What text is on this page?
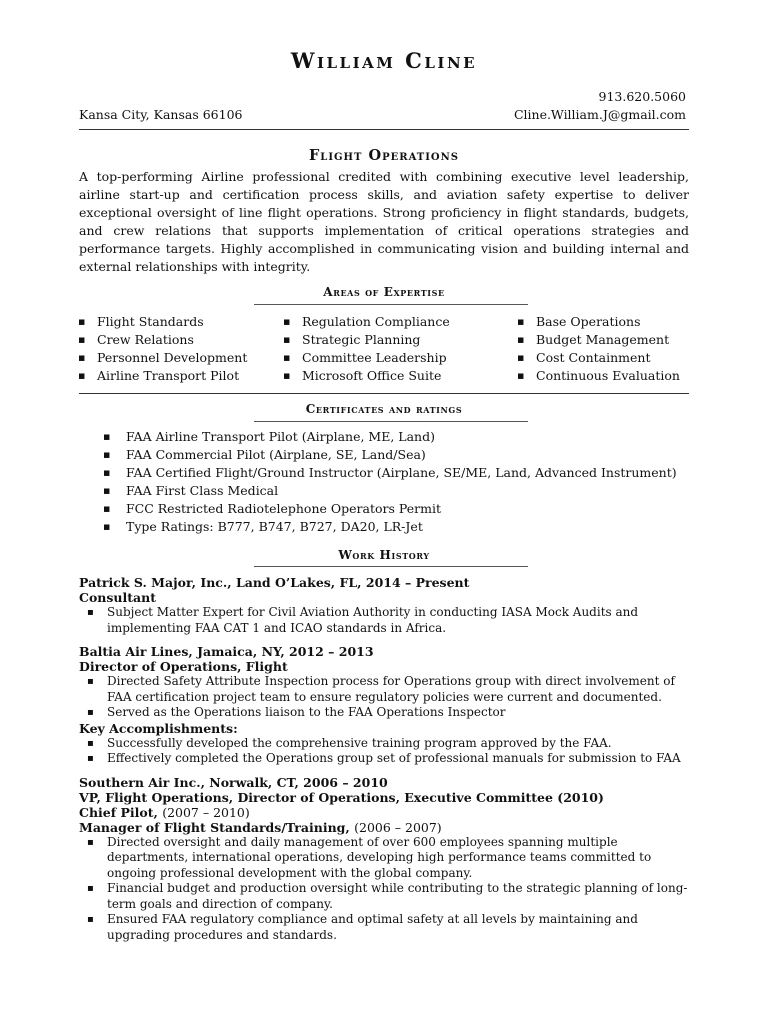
William Cline
913.620.5060
Kansa City, Kansas 66106	Cline.William.J@gmail.com
Flight Operations

A top-performing Airline professional credited with combining executive level leadership, airline start-up and certification process skills, and aviation safety expertise to deliver exceptional oversight of line flight operations. Strong proficiency in flight standards, budgets, and crew relations that supports implementation of critical operations strategies and performance targets. Highly accomplished in communicating vision and building internal and external relationships with integrity.

Areas of Expertise
▪ Flight Standards
▪ Crew Relations
▪ Personnel Development
▪ Airline Transport Pilot
▪ Regulation Compliance
▪ Strategic Planning
▪ Committee Leadership
▪ Microsoft Office Suite
▪ Base Operations
▪ Budget Management
▪ Cost Containment
▪ Continuous Evaluation
Certificates and ratings
▪ FAA Airline Transport Pilot (Airplane, ME, Land)
▪ FAA Commercial Pilot (Airplane, SE, Land/Sea)
▪ FAA Certified Flight/Ground Instructor (Airplane, SE/ME, Land, Advanced Instrument)
▪ FAA First Class Medical
▪ FCC Restricted Radiotelephone Operators Permit
▪ Type Ratings: B777, B747, B727, DA20, LR-Jet
Work History

Patrick S. Major, Inc., Land O’Lakes, FL, 2014 – Present

Consultant

▪ Subject Matter Expert for Civil Aviation Authority in conducting IASA Mock Audits and implementing FAA CAT 1 and ICAO standards in Africa.

Baltia Air Lines, Jamaica, NY, 2012 – 2013

Director of Operations, Flight

▪ Directed Safety Attribute Inspection process for Operations group with direct involvement of FAA certification project team to ensure regulatory policies were current and documented.
▪ Served as the Operations liaison to the FAA Operations Inspector

Key Accomplishments:

▪ Successfully developed the comprehensive training program approved by the FAA.
▪ Effectively completed the Operations group set of professional manuals for submission to FAA

Southern Air Inc., Norwalk, CT, 2006 – 2010

VP, Flight Operations, Director of Operations, Executive Committee (2010)

Chief Pilot, (2007 – 2010)

Manager of Flight Standards/Training, (2006 – 2007)

▪ Directed oversight and daily management of over 600 employees spanning multiple departments, international operations, developing high performance teams committed to ongoing professional development with the global company.
▪ Financial budget and production oversight while contributing to the strategic planning of long-term goals and direction of company.
▪ Ensured FAA regulatory compliance and optimal safety at all levels by maintaining and upgrading procedures and standards.
